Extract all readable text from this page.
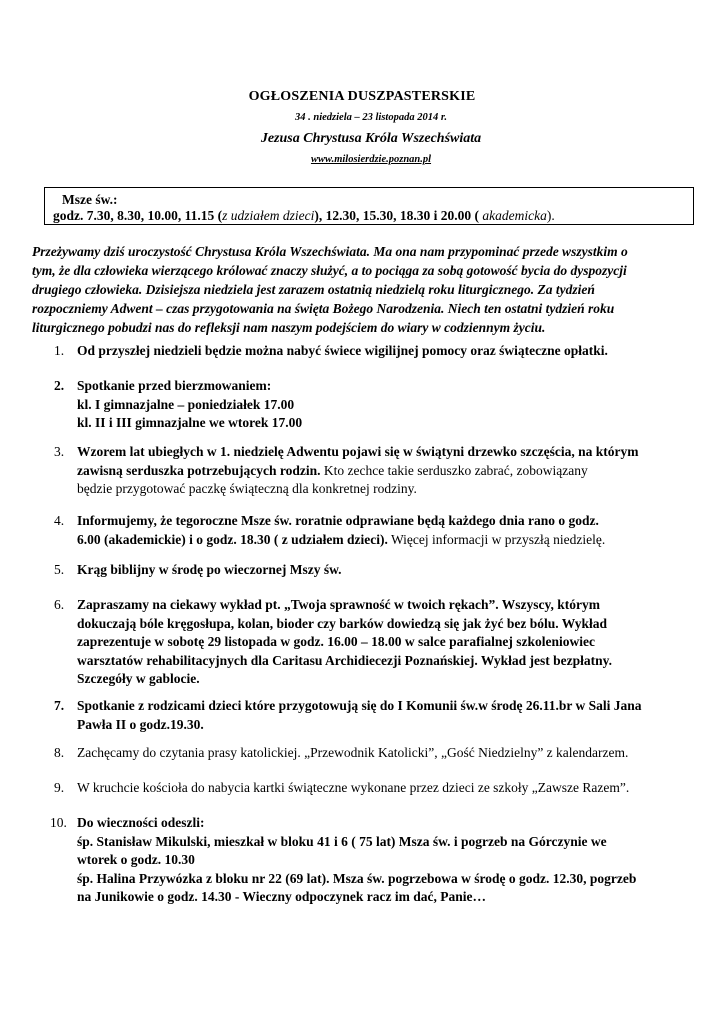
OGŁOSZENIA DUSZPASTERSKIE
34 . niedziela – 23 listopada 2014 r.
Jezusa Chrystusa Króla Wszechświata
www.milosierdzie.poznan.pl
Msze św.:
godz. 7.30, 8.30, 10.00, 11.15 (z udziałem dzieci), 12.30, 15.30, 18.30 i 20.00 ( akademicka).

Przeżywamy dziś uroczystość Chrystusa Króla Wszechświata. Ma ona nam przypominać przede wszystkim o

tym, że dla człowieka wierzącego królować znaczy służyć, a to pociąga za sobą gotowość bycia do dyspozycji

drugiego człowieka. Dzisiejsza niedziela jest zarazem ostatnią niedzielą roku liturgicznego. Za tydzień

rozpoczniemy Adwent – czas przygotowania na święta Bożego Narodzenia. Niech ten ostatni tydzień roku

liturgicznego pobudzi nas do refleksji nam naszym podejściem do wiary w codziennym życiu.

1. Od przyszłej niedzieli będzie można nabyć świece wigilijnej pomocy oraz świąteczne opłatki.
2. Spotkanie przed bierzmowaniem:
kl. I gimnazjalne – poniedziałek 17.00
kl. II i III gimnazjalne we wtorek 17.00
3. Wzorem lat ubiegłych w 1. niedzielę Adwentu pojawi się w świątyni drzewko szczęścia, na którym
zawisną serduszka potrzebujących rodzin. Kto zechce takie serduszko zabrać, zobowiązany
będzie przygotować paczkę świąteczną dla konkretnej rodziny.
4. Informujemy, że tegoroczne Msze św. roratnie odprawiane będą każdego dnia rano o godz.
6.00 (akademickie) i o godz. 18.30 ( z udziałem dzieci). Więcej informacji w przyszłą niedzielę.
5. Krąg biblijny w środę po wieczornej Mszy św.
6. Zapraszamy na ciekawy wykład pt. „Twoja sprawność w twoich rękach”. Wszyscy, którym
dokuczają bóle kręgosłupa, kolan, bioder czy barków dowiedzą się jak żyć bez bólu. Wykład
zaprezentuje w sobotę 29 listopada w godz. 16.00 – 18.00 w salce parafialnej szkoleniowiec
warsztatów rehabilitacyjnych dla Caritasu Archidiecezji Poznańskiej. Wykład jest bezpłatny.
Szczegóły w gablocie.
7. Spotkanie z rodzicami dzieci które przygotowują się do I Komunii św.w środę 26.11.br w Sali Jana
Pawła II o godz.19.30.
8. Zachęcamy do czytania prasy katolickiej. „Przewodnik Katolicki”, „Gość Niedzielny” z kalendarzem.
9. W kruchcie kościoła do nabycia kartki świąteczne wykonane przez dzieci ze szkoły „Zawsze Razem”.
10. Do wieczności odeszli:
śp. Stanisław Mikulski, mieszkał w bloku 41 i 6 ( 75 lat) Msza św. i pogrzeb na Górczynie we
wtorek o godz. 10.30
śp. Halina Przywózka z bloku nr 22 (69 lat). Msza św. pogrzebowa w środę o godz. 12.30, pogrzeb
na Junikowie o godz. 14.30 - Wieczny odpoczynek racz im dać, Panie…
